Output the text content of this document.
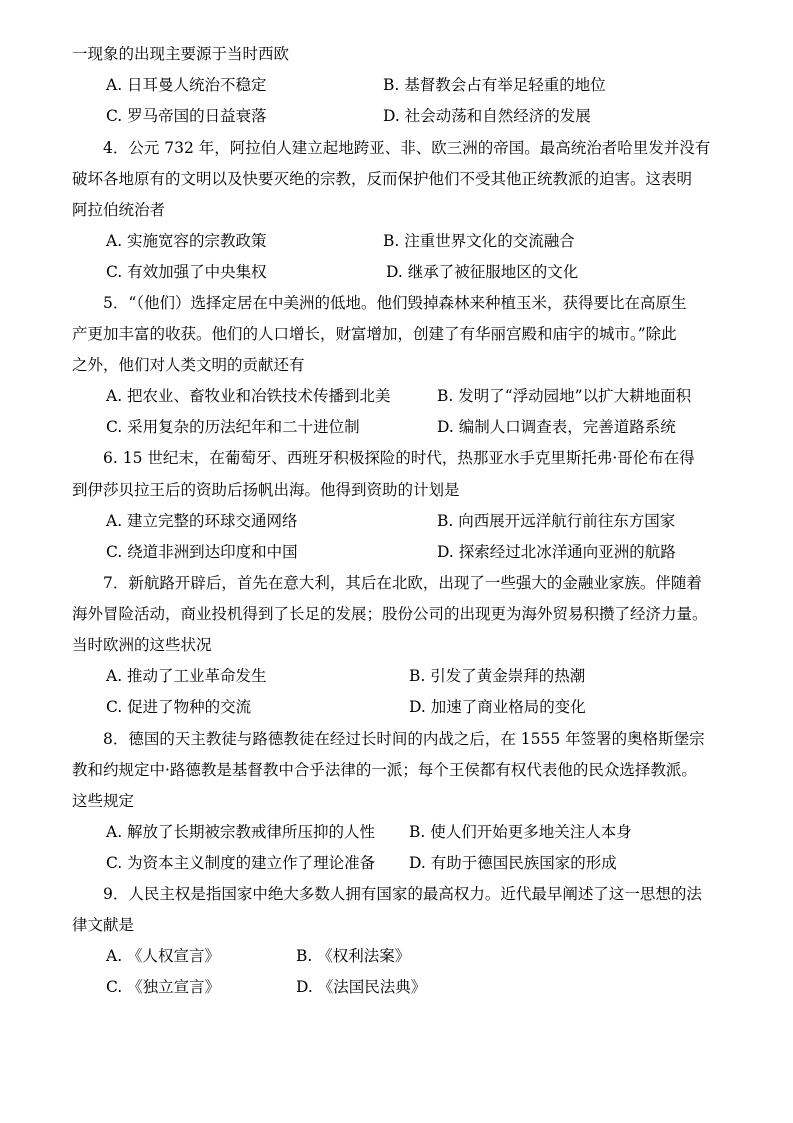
一现象的出现主要源于当时西欧
A. 日耳曼人统治不稳定	B. 基督教会占有举足轻重的地位
C. 罗马帝国的日益衰落	D. 社会动荡和自然经济的发展
4．公元 732 年，阿拉伯人建立起地跨亚、非、欧三洲的帝国。最高统治者哈里发并没有
破坏各地原有的文明以及快要灭绝的宗教，反而保护他们不受其他正统教派的迫害。这表明
阿拉伯统治者
A. 实施宽容的宗教政策	B. 注重世界文化的交流融合
C. 有效加强了中央集权	D. 继承了被征服地区的文化
5．“（他们）选择定居在中美洲的低地。他们毁掉森林来种植玉米，获得要比在高原生
产更加丰富的收获。他们的人口增长，财富增加，创建了有华丽宫殿和庙宇的城市。”除此
之外，他们对人类文明的贡献还有
A. 把农业、畜牧业和冶铁技术传播到北美	B. 发明了“浮动园地”以扩大耕地面积
C. 采用复杂的历法纪年和二十进位制	D. 编制人口调查表，完善道路系统
6. 15 世纪末，在葡萄牙、西班牙积极探险的时代，热那亚水手克里斯托弗·哥伦布在得
到伊莎贝拉王后的资助后扬帆出海。他得到资助的计划是
A. 建立完整的环球交通网络	B. 向西展开远洋航行前往东方国家
C. 绕道非洲到达印度和中国	D. 探索经过北冰洋通向亚洲的航路
7．新航路开辟后，首先在意大利，其后在北欧，出现了一些强大的金融业家族。伴随着
海外冒险活动，商业投机得到了长足的发展；股份公司的出现更为海外贸易积攒了经济力量。
当时欧洲的这些状况
A. 推动了工业革命发生	B. 引发了黄金崇拜的热潮
C. 促进了物种的交流	D. 加速了商业格局的变化
8．德国的天主教徒与路德教徒在经过长时间的内战之后，在 1555 年签署的奥格斯堡宗
教和约规定中·路德教是基督教中合乎法律的一派；每个王侯都有权代表他的民众选择教派。
这些规定
A. 解放了长期被宗教戒律所压抑的人性 B. 使人们开始更多地关注人本身
C. 为资本主义制度的建立作了理论准备 D. 有助于德国民族国家的形成
9．人民主权是指国家中绝大多数人拥有国家的最高权力。近代最早阐述了这一思想的法
律文献是
A. 《人权宣言》	B. 《权利法案》
C. 《独立宣言》	D. 《法国民法典》
